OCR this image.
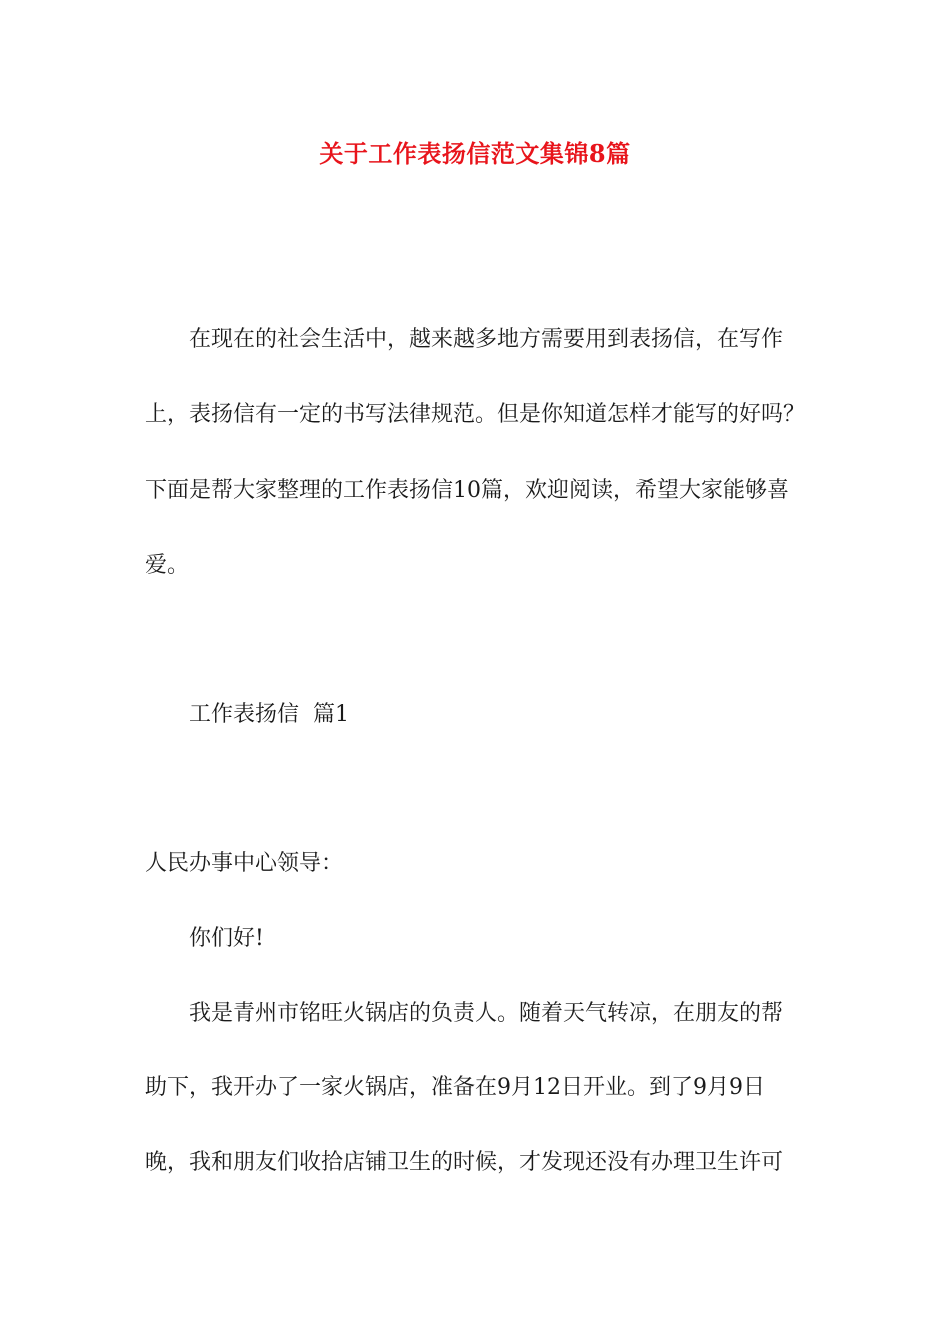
关于工作表扬信范文集锦8篇
在现在的社会生活中，越来越多地方需要用到表扬信，在写作
上，表扬信有一定的书写法律规范。但是你知道怎样才能写的好吗？
下面是帮大家整理的工作表扬信10篇，欢迎阅读，希望大家能够喜
爱。
工作表扬信  篇1
人民办事中心领导：
你们好!
我是青州市铭旺火锅店的负责人。随着天气转凉，在朋友的帮
助下，我开办了一家火锅店，准备在9月12日开业。到了9月9日
晚，我和朋友们收拾店铺卫生的时候，才发现还没有办理卫生许可
